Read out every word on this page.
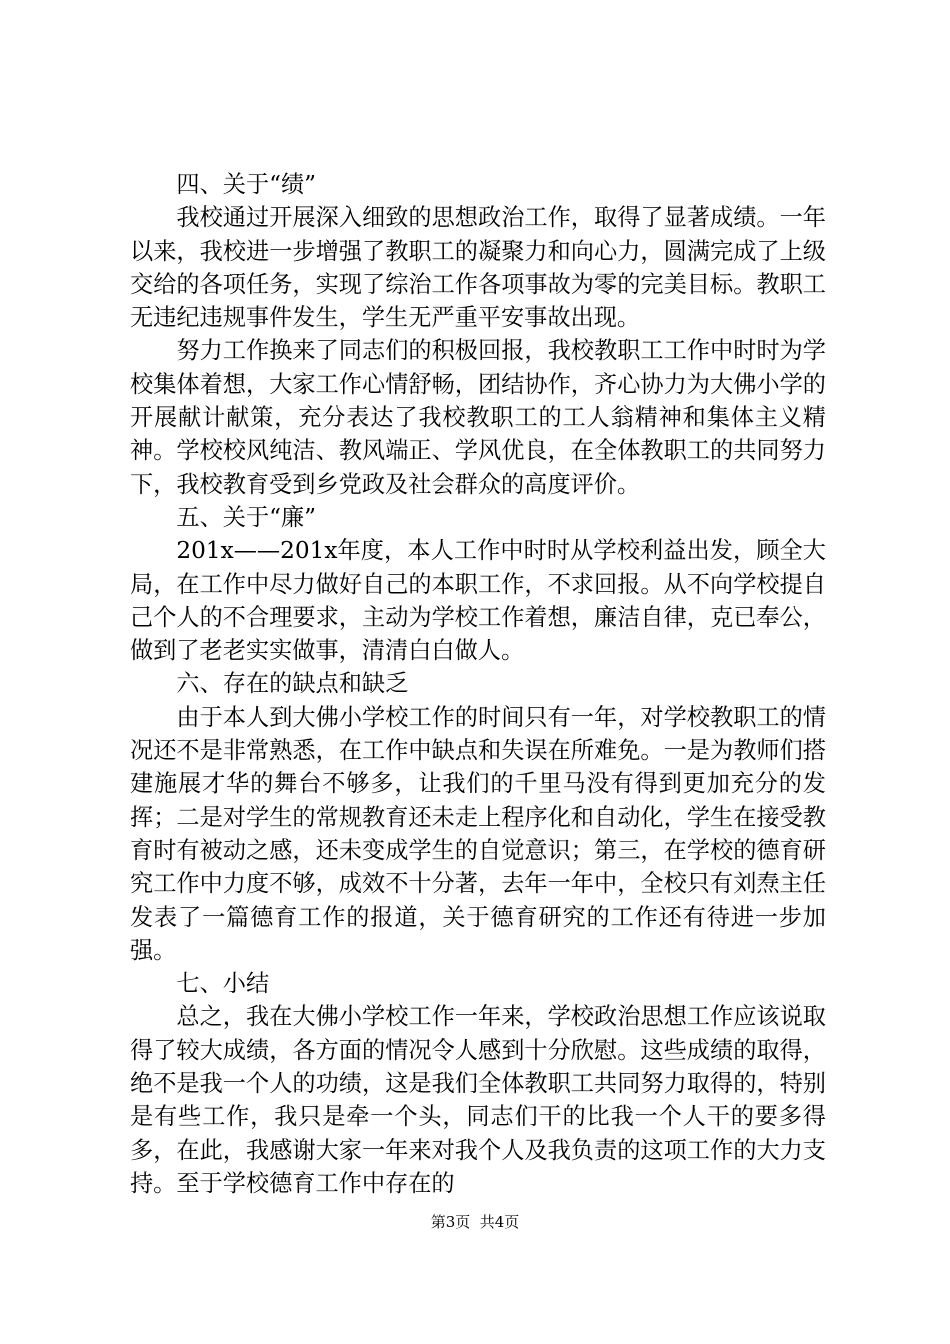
四、关于“绩”

我校通过开展深入细致的思想政治工作，取得了显著成绩。一年以来，我校进一步增强了教职工的凝聚力和向心力，圆满完成了上级交给的各项任务，实现了综治工作各项事故为零的完美目标。教职工无违纪违规事件发生，学生无严重平安事故出现。

努力工作换来了同志们的积极回报，我校教职工工作中时时为学校集体着想，大家工作心情舒畅，团结协作，齐心协力为大佛小学的开展献计献策，充分表达了我校教职工的工人翁精神和集体主义精神。学校校风纯洁、教风端正、学风优良，在全体教职工的共同努力下，我校教育受到乡党政及社会群众的高度评价。

五、关于“廉”

201x——201x年度，本人工作中时时从学校利益出发，顾全大局，在工作中尽力做好自己的本职工作，不求回报。从不向学校提自己个人的不合理要求，主动为学校工作着想，廉洁自律，克已奉公，做到了老老实实做事，清清白白做人。

六、存在的缺点和缺乏

由于本人到大佛小学校工作的时间只有一年，对学校教职工的情况还不是非常熟悉，在工作中缺点和失误在所难免。一是为教师们搭建施展才华的舞台不够多，让我们的千里马没有得到更加充分的发挥；二是对学生的常规教育还未走上程序化和自动化，学生在接受教育时有被动之感，还未变成学生的自觉意识；第三，在学校的德育研究工作中力度不够，成效不十分著，去年一年中，全校只有刘焘主任发表了一篇德育工作的报道，关于德育研究的工作还有待进一步加强。

七、小结

总之，我在大佛小学校工作一年来，学校政治思想工作应该说取得了较大成绩，各方面的情况令人感到十分欣慰。这些成绩的取得，绝不是我一个人的功绩，这是我们全体教职工共同努力取得的，特别是有些工作，我只是牵一个头，同志们干的比我一个人干的要多得多，在此，我感谢大家一年来对我个人及我负责的这项工作的大力支持。至于学校德育工作中存在的

第3页  共4页
